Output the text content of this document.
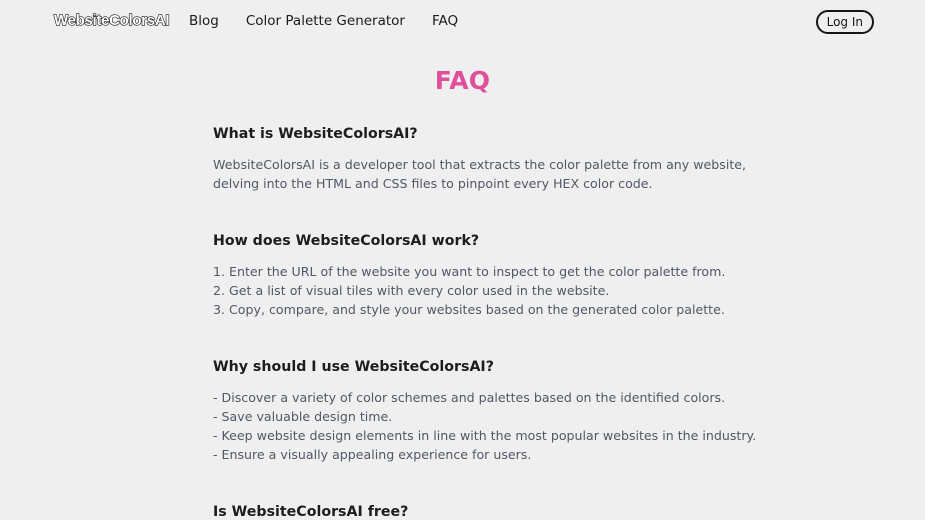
WebsiteColorsAI Blog Color Palette Generator FAQ	Log In
FAQ
What is WebsiteColorsAI?

WebsiteColorsAI is a developer tool that extracts the color palette from any website,

delving into the HTML and CSS files to pinpoint every HEX color code.

How does WebsiteColorsAI work?

1. Enter the URL of the website you want to inspect to get the color palette from.

2. Get a list of visual tiles with every color used in the website.

3. Copy, compare, and style your websites based on the generated color palette.

Why should I use WebsiteColorsAI?

- Discover a variety of color schemes and palettes based on the identified colors.

- Save valuable design time.

- Keep website design elements in line with the most popular websites in the industry.

- Ensure a visually appealing experience for users.

Is WebsiteColorsAI free?
